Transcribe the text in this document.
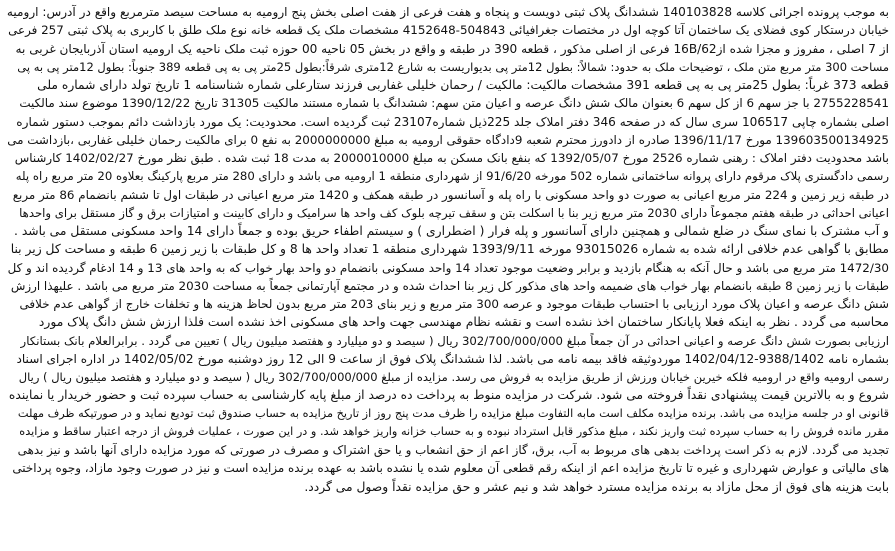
به موجب پرونده اجرائی کلاسه 140103828 ششدانگ پلاک ثبتی دویست و پنجاه و هفت فرعی از هفت اصلی بخش پنج ارومیه به مساحت سیصد مترمربع واقع در آدرس: ارومیه
خیابان درستکار کوی فضلای یک ساختمان آتا کوچه اول در مختصات جغرافیائی 504843-4152648 مشخصات ملک یک قطعه خانه نوع ملک طلق با کاربری به پلاک ثبتی 257 فرعی
از 7 اصلی ، مفروز و مجزا شده از16B/62 فرعی از اصلی مذکور ، قطعه 390 در طبقه و واقع در بخش 05 ناحیه 00 حوزه ثبت ملک ناحیه یک ارومیه استان آذربایجان غربی به
مساحت 300 متر مربع متن ملک ، توضیحات ملک به حدود: شمالاً: بطول 12متر پی بدیواریست به شارع 12متری شرقاً:بطول 25متر پی به پی قطعه 389 جنوباً: بطول 12متر پی به پی
قطعه 373 غرباً: بطول 25متر پی به پی قطعه 391 مشخصات مالکیت: مالکیت / رحمان خلیلی غفاربی فرزند ستارعلی شماره شناسنامه 1 تاریخ تولد دارای شماره ملی
2755228541 با جز سهم 6 از کل سهم 6 بعنوان مالک شش دانگ عرصه و اعیان متن سهم: ششدانگ با شماره مستند مالکیت 31305 تاریخ 1390/12/22 موضوع سند مالکیت
اصلی بشماره چاپی 106517 سری سال که در صفحه 346 دفتر املاک جلد 225ذیل شماره23107 ثبت گردیده است. محدودیت: یک مورد بازداشت دائم بموجب دستور شماره
139603500134925 مورخ 1396/11/17 صادره از دادورز محترم شعبه 9دادگاه حقوقی ارومیه به مبلغ 2000000000 به نفع 0 برای مالکیت رحمان خلیلی غفاربی ،بازداشت می
باشد محدودیت دفتر املاک : رهنی شماره 2526 مورخ 1392/05/07 که بنفع بانک مسکن به مبلغ 2000010000 به مدت 18 ثبت شده . طبق نظر مورخ 1402/02/27 کارشناس
رسمی دادگستری پلاک مرقوم دارای پروانه ساختمانی شماره 502 مورخه 91/6/20 از شهرداری منطقه 1 ارومیه می باشد و دارای 280 متر مربع پارکینگ بعلاوه 20 متر مربع راه پله
در طبقه زیر زمین و 224 متر مربع اعیانی به صورت دو واحد مسکونی با راه پله و آسانسور در طبقه همکف و 1420 متر مربع اعیانی در طبقات اول تا ششم بانضمام 86 متر مربع
اعیانی احداثی در طبقه هفتم مجموعاً دارای 2030 متر مربع زیر بنا با اسکلت بتن و سقف تیرچه بلوک کف واحد ها سرامیک و دارای کابینت و امتیازات برق و گاز مستقل برای واحدها
و آب مشترک با نمای سنگ در ضلع شمالی و همچنین دارای آسانسور و پله فرار ( اضطراری ) و سیستم اطفاء حریق بوده و جمعاً دارای 14 واحد مسکونی مستقل می باشد .
مطابق با گواهی عدم خلافی ارائه شده به شماره 93015026 مورخه 1393/9/11 شهرداری منطقه 1 تعداد واحد ها 8 و کل طبقات با زیر زمین 6 طبقه و مساحت کل زیر بنا
1472/30 متر مربع می باشد و حال آنکه به هنگام بازدید و برابر وضعیت موجود تعداد 14 واحد مسکونی بانضمام دو واحد بهار خواب که به واحد های 13 و 14 ادغام گردیده اند و کل
طبقات با زیر زمین 8 طبقه بانضمام بهار خواب های ضمیمه واحد های مذکور کل زیر بنا احداث شده و در مجتمع آپارتمانی جمعاً به مساحت 2030 متر مربع می باشد . علیهذا ارزش
شش دانگ عرصه و اعیان پلاک مورد ارزیابی با احتساب طبقات موجود و عرصه 300 متر مربع و زیر بنای 203 متر مربع بدون لحاظ هزینه ها و تخلفات خارج از گواهی عدم خلافی
محاسبه می گردد . نظر به اینکه فعلا پایانکار ساختمان اخذ نشده است و نقشه نظام مهندسی جهت واحد های مسکونی اخذ نشده است فلذا ارزش شش دانگ پلاک مورد
ارزیابی بصورت شش دانگ عرصه و اعیانی احداثی در آن جمعاً مبلغ 302/700/000/000 ریال ( سیصد و دو میلیارد و هفتصد میلیون ریال ) تعیین می گردد . برابرالعلام بانک بستانکار
بشماره نامه 9388/1402-1402/04/12 موردوثیقه فاقد بیمه نامه می باشد. لذا ششدانگ پلاک فوق از ساعت 9 الی 12 روز دوشنبه مورخ 1402/05/02 در اداره اجرای اسناد
رسمی ارومیه واقع در ارومیه فلکه خیرین خیابان ورزش از طریق مزایده به فروش می رسد. مزایده از مبلغ 302/700/000/000 ریال ( سیصد و دو میلیارد و هفتصد میلیون ریال ) ریال
شروع و به بالاترین قیمت پیشنهادی نقداً فروخته می شود. شرکت در مزایده منوط به پرداخت ده درصد از مبلغ پایه کارشناسی به حساب سپرده ثبت و حضور خریدار یا نماینده
قانونی او در جلسه مزایده می باشد. برنده مزایده مکلف است مابه التفاوت مبلغ مزایده را ظرف مدت پنج روز از تاریخ مزایده به حساب صندوق ثبت تودیع نماید و در صورتیکه ظرف مهلت
مقرر مانده فروش را به حساب سپرده ثبت واریز نکند ، مبلغ مذکور قابل استرداد نبوده و به حساب خزانه واریز خواهد شد. و در این صورت ، عملیات فروش از درجه اعتبار ساقط و مزایده
تجدید می گردد. لازم به ذکر است پرداخت بدهی های مربوط به آب، برق، گاز اعم از حق انشعاب و یا حق اشتراک و مصرف در صورتی که مورد مزایده دارای آنها باشد و نیز بدهی
های مالیاتی و عوارض شهرداری و غیره تا تاریخ مزایده اعم از اینکه رقم قطعی آن معلوم شده یا نشده باشد به عهده برنده مزایده است و نیز در صورت وجود مازاد، وجوه پرداختی
بابت هزینه های فوق از محل مازاد به برنده مزایده مسترد خواهد شد و نیم عشر و حق مزایده نقداً وصول می گردد.
